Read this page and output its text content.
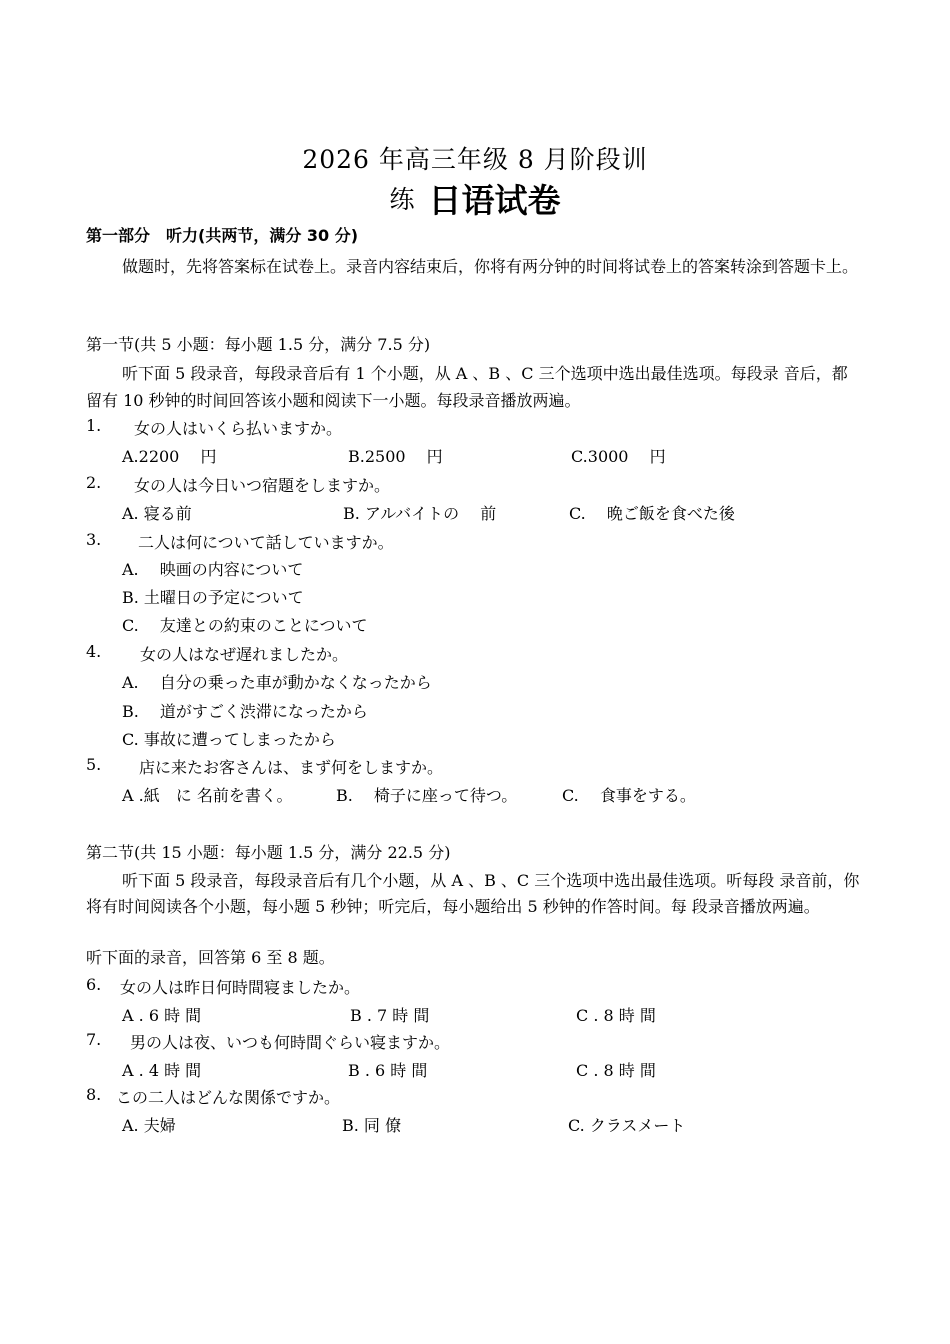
2026 年高三年级 8 月阶段训
练 日语试卷
第一部分　听力(共两节，满分 30 分)
做题时，先将答案标在试卷上。录音内容结束后，你将有两分钟的时间将试卷上的答案转涂到答题卡上。
第一节(共 5 小题：每小题 1.5 分，满分 7.5 分)
听下面 5 段录音，每段录音后有 1 个小题，从 A 、B 、C 三个选项中选出最佳选项。每段录 音后，都留有 10 秒钟的时间回答该小题和阅读下一小题。每段录音播放两遍。
1. 女の人はいくら払いますか。
A.2200　 円	B.2500　 円	C.3000　 円
2. 女の人は今日いつ宿題をしますか。
A. 寝る前	B. アルバイトの　 前	C.　 晩ご飯を食べた後
3. 二人は何について話していますか。
A.　 映画の内容について
B. 土曜日の予定について
C.　 友達との約束のことについて
4. 女の人はなぜ遅れましたか。
A.　 自分の乗った車が動かなくなったから
B.　 道がすごく渋滞になったから
C. 事故に遭ってしまったから
5. 店に来たお客さんは、まず何をしますか。
A .紙　に 名前を書く。	B.　 椅子に座って待つ。	C.　 食事をする。
第二节(共 15 小题：每小题 1.5 分，满分 22.5 分)
听下面 5 段录音，每段录音后有几个小题，从 A 、B 、C 三个选项中选出最佳选项。听每段 录音前，你将有时间阅读各个小题，每小题 5 秒钟；听完后，每小题给出 5 秒钟的作答时间。每 段录音播放两遍。
听下面的录音，回答第 6 至 8 题。
6. 女の人は昨日何時間寝ましたか。
A . 6 時 間	B . 7 時 間	C . 8 時 間
7. 男の人は夜、いつも何時間ぐらい寝ますか。
A . 4 時 間	B . 6 時 間	C . 8 時 間
8. この二人はどんな関係ですか。
A. 夫婦	B. 同 僚	C. クラスメート
